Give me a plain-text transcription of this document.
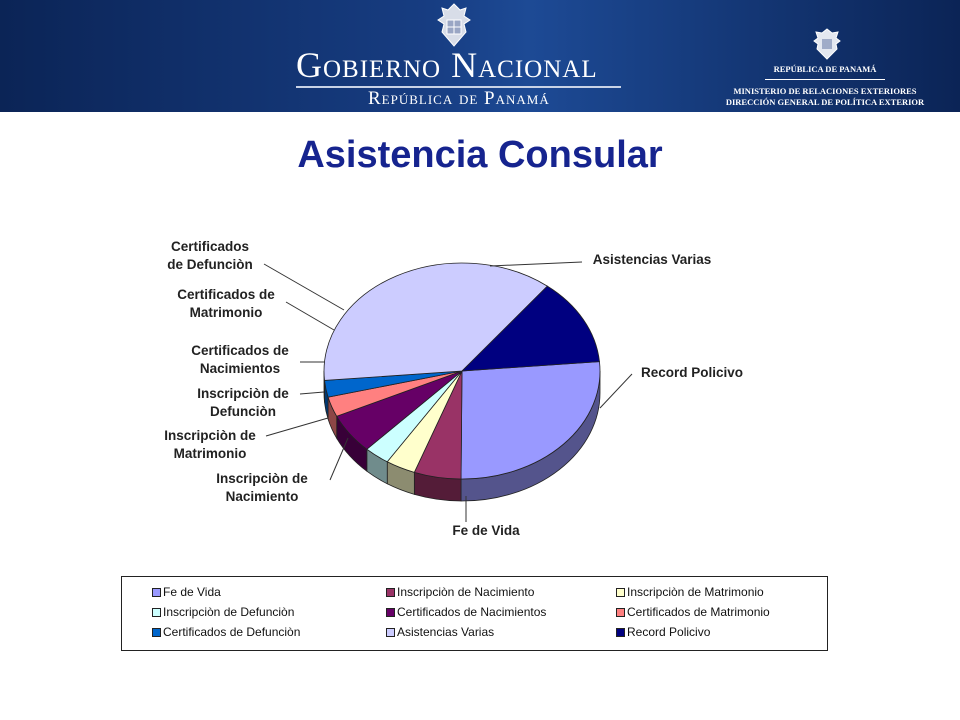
Gobierno Nacional
República de Panamá
REPÚBLICA DE PANAMÁ
MINISTERIO DE RELACIONES EXTERIORES
DIRECCIÓN GENERAL DE POLÍTICA EXTERIOR
Asistencia Consular
Fe de Vida
Inscripciòn de Nacimiento
Inscripciòn de Matrimonio
Inscripciòn de Defunciòn
Certificados de Nacimientos
Certificados de Matrimonio
Certificados de Defunciòn	Asistencias Varias
Record Policivo
Fe de Vida	Inscripciòn de Nacimiento	Inscripciòn de Matrimonio
Inscripciòn de Defunciòn	Certificados de Nacimientos	Certificados de Matrimonio
Certificados de Defunciòn	Asistencias Varias	Record Policivo
